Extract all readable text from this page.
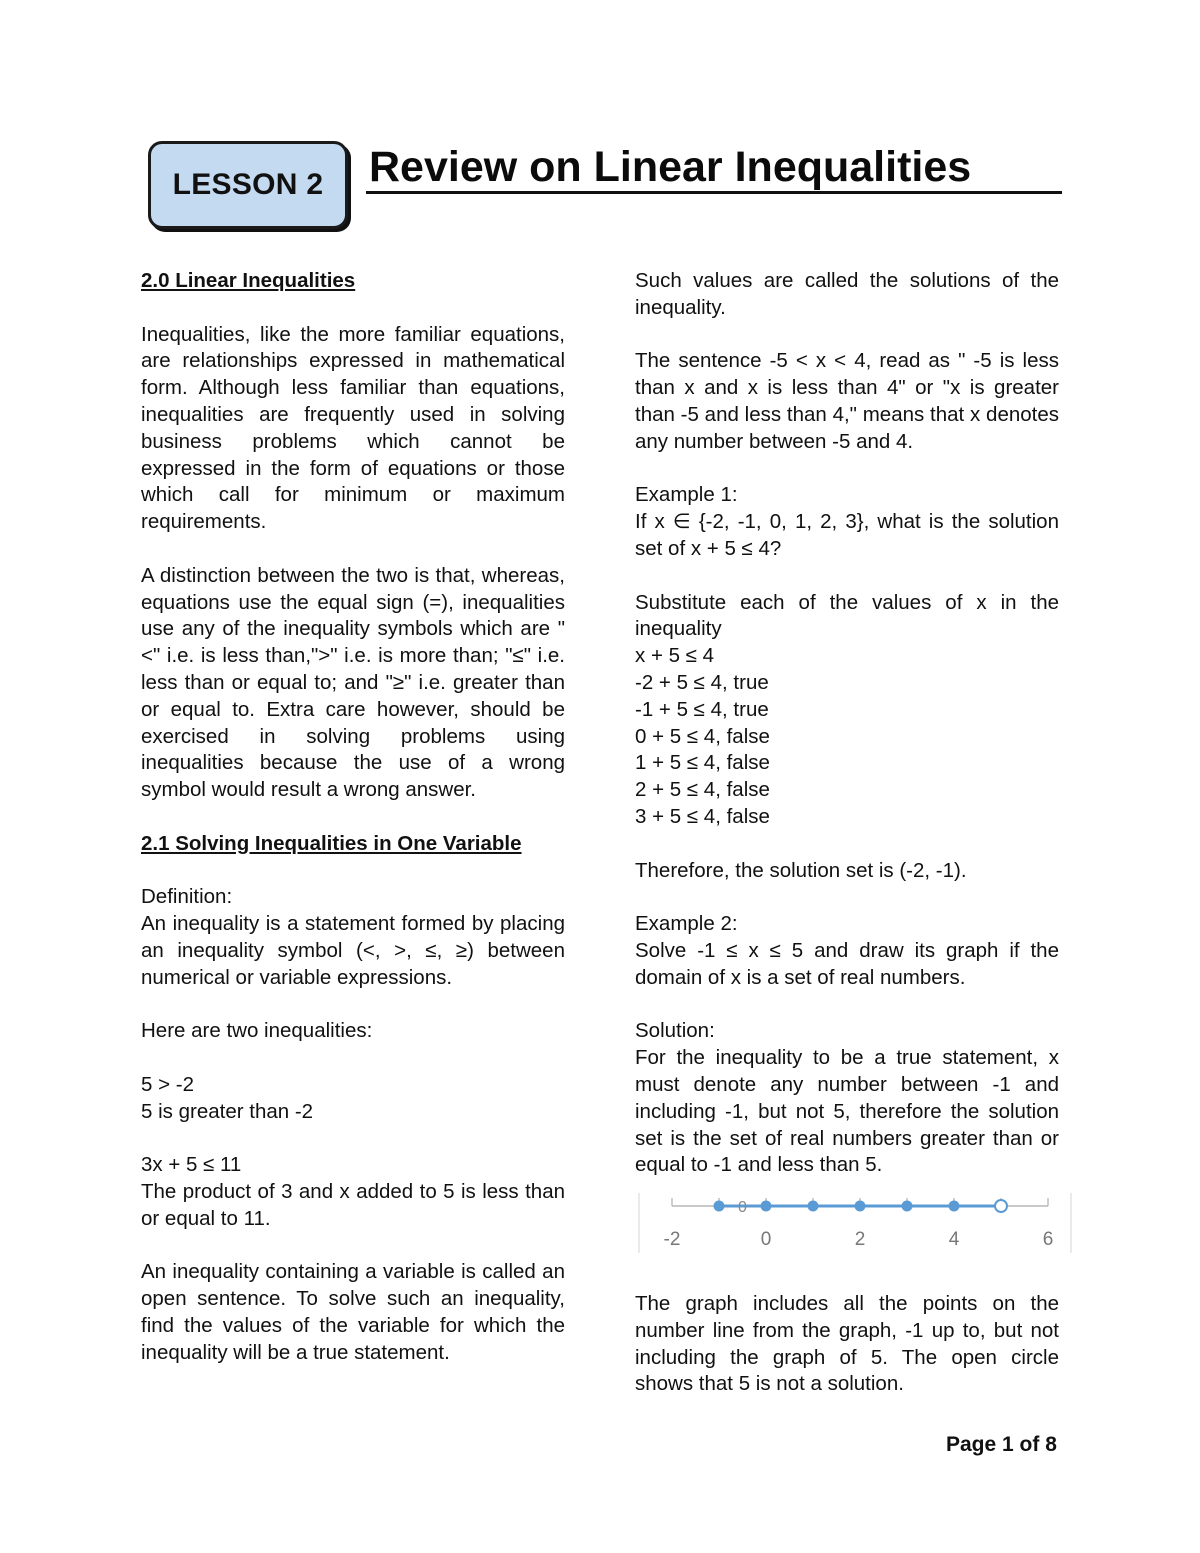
LESSON 2 Review on Linear Inequalities

2.0 Linear Inequalities

Inequalities, like the more familiar equations, are relationships expressed in mathematical form. Although less familiar than equations, inequalities are frequently used in solving business problems which cannot be expressed in the form of equations or those which call for minimum or maximum requirements.

A distinction between the two is that, whereas, equations use the equal sign (=), inequalities use any of the inequality symbols which are "<" i.e. is less than,">" i.e. is more than; "≤" i.e. less than or equal to; and "≥" i.e. greater than or equal to. Extra care however, should be exercised in solving problems using inequalities because the use of a wrong symbol would result a wrong answer.

2.1 Solving Inequalities in One Variable

Definition:

An inequality is a statement formed by placing an inequality symbol (<, >, ≤, ≥) between numerical or variable expressions.

Here are two inequalities:

5 > -2

5 is greater than -2

3x + 5 ≤ 11

The product of 3 and x added to 5 is less than or equal to 11.

An inequality containing a variable is called an open sentence. To solve such an inequality, find the values of the variable for which the inequality will be a true statement.

Such values are called the solutions of the inequality.

The sentence -5 < x < 4, read as " -5 is less than x and x is less than 4" or "x is greater than -5 and less than 4," means that x denotes any number between -5 and 4.

Example 1:

If x ∈ {-2, -1, 0, 1, 2, 3}, what is the solution set of x + 5 ≤ 4?

Substitute each of the values of x in the inequality

x + 5 ≤ 4

-2 + 5 ≤ 4, true

-1 + 5 ≤ 4, true

0 + 5 ≤ 4, false

1 + 5 ≤ 4, false

2 + 5 ≤ 4, false

3 + 5 ≤ 4, false

Therefore, the solution set is (-2, -1).

Example 2:

Solve -1 ≤ x ≤ 5 and draw its graph if the domain of x is a set of real numbers.

Solution:

For the inequality to be a true statement, x must denote any number between -1 and including -1, but not 5, therefore the solution set is the set of real numbers greater than or equal to -1 and less than 5.

0
-2	0	2	4	6

The graph includes all the points on the number line from the graph, -1 up to, but not including the graph of 5. The open circle shows that 5 is not a solution.

Page 1 of 8
